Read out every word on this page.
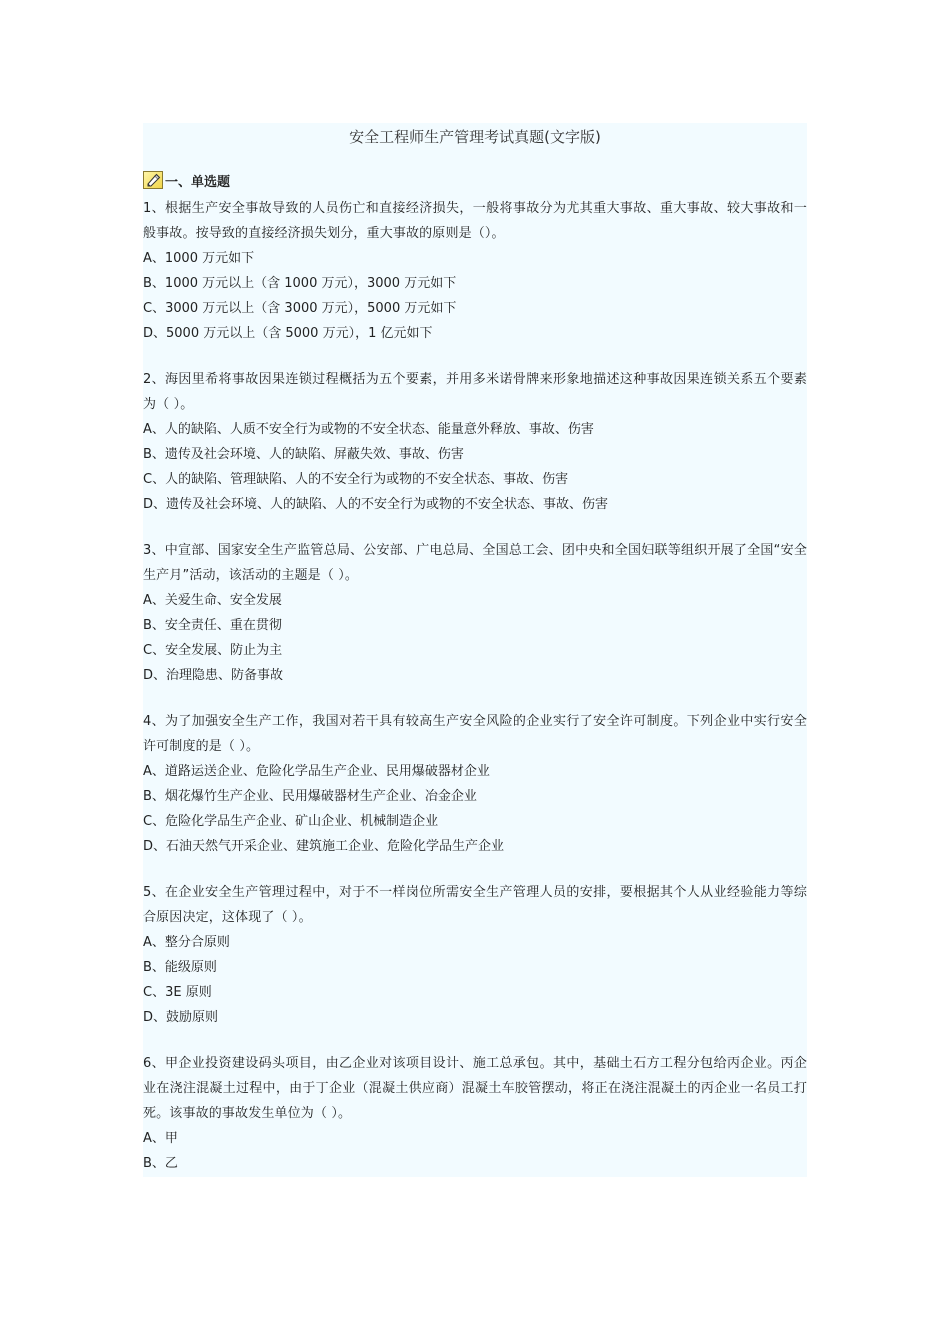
安全工程师生产管理考试真题(文字版)
一、单选题

1、根据生产安全事故导致的人员伤亡和直接经济损失，一般将事故分为尤其重大事故、重大事故、较大事故和一般事故。按导致的直接经济损失划分，重大事故的原则是（）。

A、1000 万元如下

B、1000 万元以上（含 1000 万元），3000 万元如下

C、3000 万元以上（含 3000 万元），5000 万元如下

D、5000 万元以上（含 5000 万元），1 亿元如下

2、海因里希将事故因果连锁过程概括为五个要素，并用多米诺骨牌来形象地描述这种事故因果连锁关系五个要素为（ ）。

A、人的缺陷、人质不安全行为或物的不安全状态、能量意外释放、事故、伤害

B、遗传及社会环境、人的缺陷、屏蔽失效、事故、伤害

C、人的缺陷、管理缺陷、人的不安全行为或物的不安全状态、事故、伤害

D、遗传及社会环境、人的缺陷、人的不安全行为或物的不安全状态、事故、伤害

3、中宣部、国家安全生产监管总局、公安部、广电总局、全国总工会、团中央和全国妇联等组织开展了全国“安全生产月”活动，该活动的主题是（ ）。

A、关爱生命、安全发展

B、安全责任、重在贯彻

C、安全发展、防止为主

D、治理隐患、防备事故

4、为了加强安全生产工作，我国对若干具有较高生产安全风险的企业实行了安全许可制度。下列企业中实行安全许可制度的是（ ）。

A、道路运送企业、危险化学品生产企业、民用爆破器材企业

B、烟花爆竹生产企业、民用爆破器材生产企业、冶金企业

C、危险化学品生产企业、矿山企业、机械制造企业

D、石油天然气开采企业、建筑施工企业、危险化学品生产企业

5、在企业安全生产管理过程中，对于不一样岗位所需安全生产管理人员的安排，要根据其个人从业经验能力等综合原因决定，这体现了（ ）。

A、整分合原则

B、能级原则

C、3E 原则

D、鼓励原则

6、甲企业投资建设码头项目，由乙企业对该项目设计、施工总承包。其中，基础土石方工程分包给丙企业。丙企业在浇注混凝土过程中，由于丁企业（混凝土供应商）混凝土车胶管摆动，将正在浇注混凝土的丙企业一名员工打死。该事故的事故发生单位为（ ）。

A、甲

B、乙
